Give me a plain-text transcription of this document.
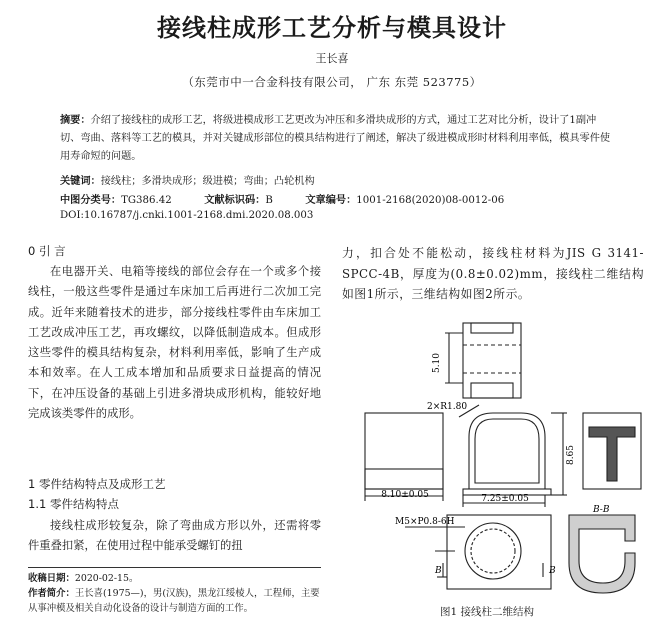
接线柱成形工艺分析与模具设计
王长喜
（东莞市中一合金科技有限公司， 广东 东莞 523775）
摘要：介绍了接线柱的成形工艺，将级进模成形工艺更改为冲压和多滑块成形的方式，通过工艺对比分析，设计了1副冲切、弯曲、落料等工艺的模具，并对关键成形部位的模具结构进行了阐述，解决了级进模成形时材料利用率低，模具零件使用寿命短的问题。
关键词：接线柱；多滑块成形；级进模；弯曲；凸轮机构
中图分类号：TG386.42	文献标识码：B	文章编号：1001-2168(2020)08-0012-06
DOI:10.16787/j.cnki.1001-2168.dmi.2020.08.003
0 引 言

在电器开关、电箱等接线的部位会存在一个或多个接线柱，一般这些零件是通过车床加工后再进行二次加工完成。近年来随着技术的进步，部分接线柱零件由车床加工工艺改成冲压工艺，再攻螺纹，以降低制造成本。但成形这些零件的模具结构复杂，材料利用率低，影响了生产成本和效率。在人工成本增加和品质要求日益提高的情况下，在冲压设备的基础上引进多滑块成形机构，能较好地完成该类零件的成形。

1 零件结构特点及成形工艺
1.1 零件结构特点

接线柱成形较复杂，除了弯曲成方形以外，还需将零件重叠扣紧，在使用过程中能承受螺钉的扭

收稿日期：2020-02-15。
作者简介：王长喜(1975—)，男(汉族)，黑龙江绥棱人，工程师，主要从事冲模及相关自动化设备的设计与制造方面的工作。
力，扣合处不能松动，接线柱材料为JIS G 3141-SPCC-4B，厚度为(0.8±0.02)mm，接线柱二维结构如图1所示，三维结构如图2所示。
5.10
2×R1.80
8.65
8.10±0.05	7.25±0.05
M5×P0.8-6H
B-B
B	B
图1 接线柱二维结构
